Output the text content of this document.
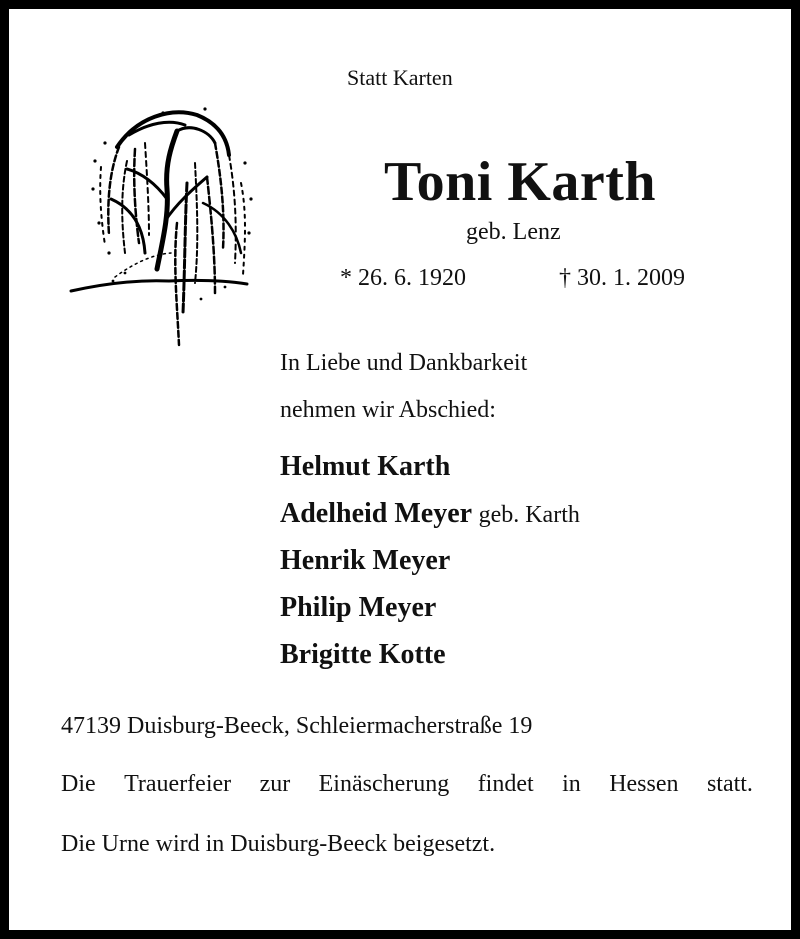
Statt Karten
Toni Karth
geb. Lenz
* 26. 6. 1920	† 30. 1. 2009
In Liebe und Dankbarkeit
nehmen wir Abschied:
Helmut Karth
Adelheid Meyer geb. Karth
Henrik Meyer
Philip Meyer
Brigitte Kotte
47139 Duisburg-Beeck, Schleiermacherstraße 19
Die Trauerfeier zur Einäscherung findet in Hessen statt.
Die Urne wird in Duisburg-Beeck beigesetzt.
